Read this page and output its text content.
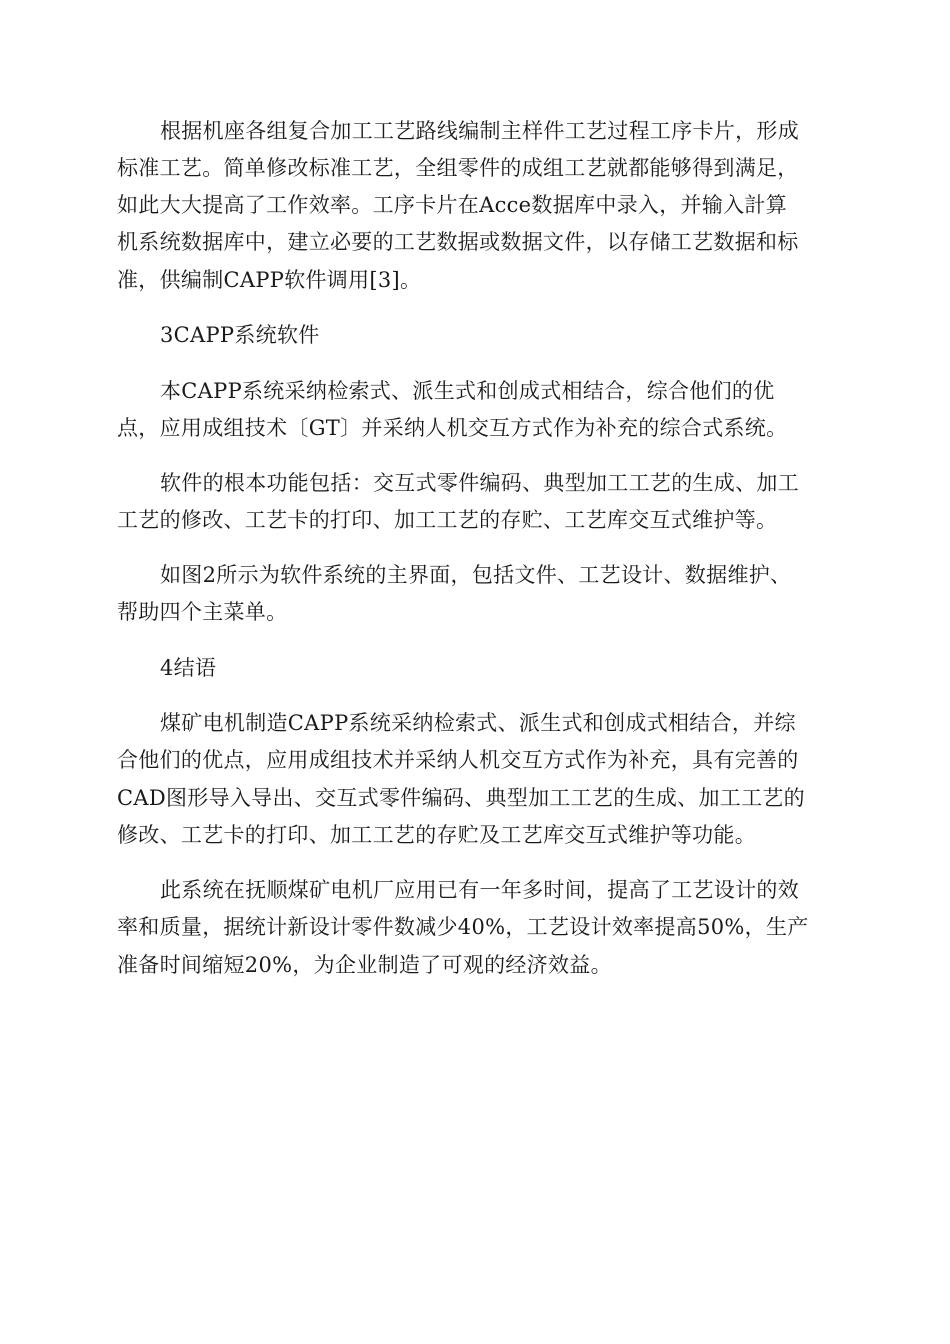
根据机座各组复合加工工艺路线编制主样件工艺过程工序卡片，形成

标准工艺。简单修改标准工艺，全组零件的成组工艺就都能够得到满足，

如此大大提高了工作效率。工序卡片在Acce数据库中录入，并输入計算

机系统数据库中，建立必要的工艺数据或数据文件，以存储工艺数据和标

准，供编制CAPP软件调用[3]。

3CAPP系统软件

本CAPP系统采纳检索式、派生式和创成式相结合，综合他们的优

点，应用成组技术〔GT〕并采纳人机交互方式作为补充的综合式系统。

软件的根本功能包括：交互式零件编码、典型加工工艺的生成、加工

工艺的修改、工艺卡的打印、加工工艺的存贮、工艺库交互式维护等。

如图2所示为软件系统的主界面，包括文件、工艺设计、数据维护、

帮助四个主菜单。

4结语

煤矿电机制造CAPP系统采纳检索式、派生式和创成式相结合，并综

合他们的优点，应用成组技术并采纳人机交互方式作为补充，具有完善的

CAD图形导入导出、交互式零件编码、典型加工工艺的生成、加工工艺的

修改、工艺卡的打印、加工工艺的存贮及工艺库交互式维护等功能。

此系统在抚顺煤矿电机厂应用已有一年多时间，提高了工艺设计的效

率和质量，据统计新设计零件数减少40%，工艺设计效率提高50%，生产

准备时间缩短20%，为企业制造了可观的经济效益。
